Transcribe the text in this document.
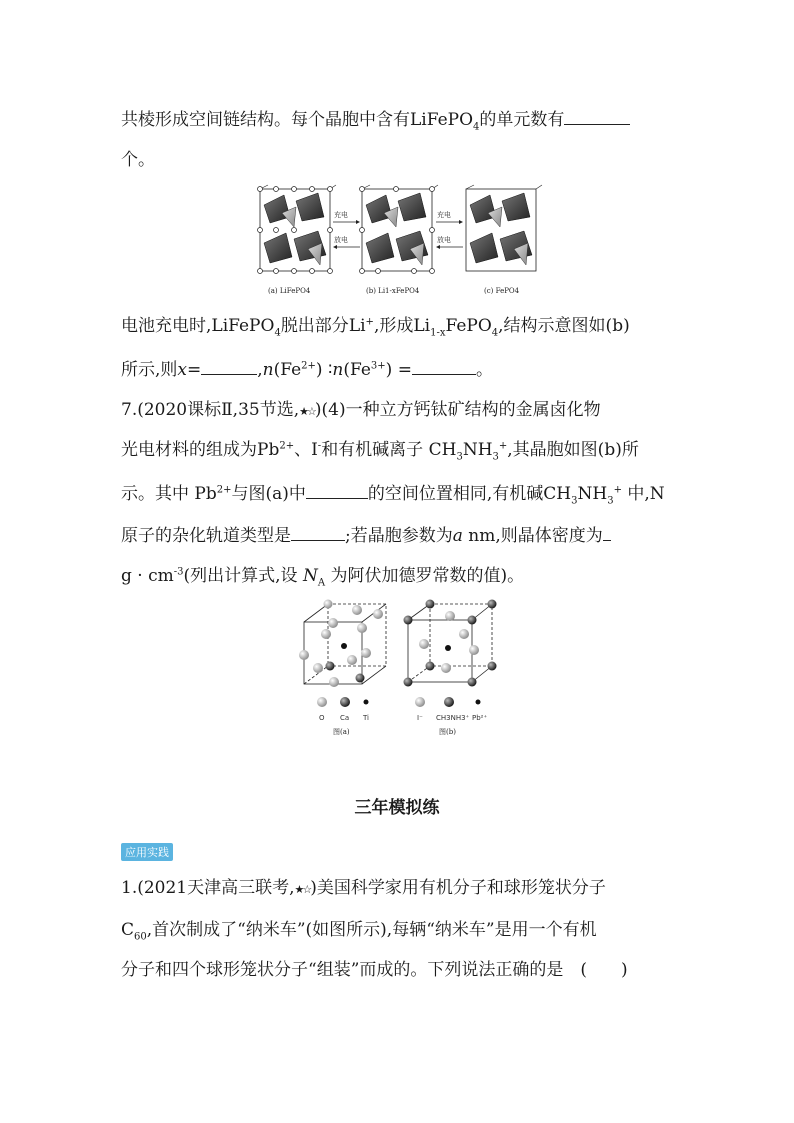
共棱形成空间链结构。每个晶胞中含有LiFePO$_4$的单元数有
个。
充电
放电
充电
放电
(a) LiFePO4	(b) Li1-xFePO4	(c) FePO4
电池充电时,LiFePO$_4$脱出部分Li+,形成$Li_{1-x}FePO_4$,结构示意图如(b)
所示,则x=	$,n(Fe^{2+})$ $∶n(Fe^{3+})$ =	。
7.(2020课标Ⅱ,35节选,★☆)(4)一种立方钙钛矿结构的金属卤化物
光电材料的组成为$Pb^{2+}$、I-和有机碱离子 $CH_3NH_3^+$,其晶胞如图(b)所
示。其中 $Pb^{2+}$与图(a)中	的空间位置相同,有机碱$CH_3NH_3^+$ 中,N
原子的杂化轨道类型是	;若晶胞参数为a nm,则晶体密度为
$g \cdot cm^{-3}$(列出计算式,设 $N_A$ 为阿伏加德罗常数的值)。
O Ca Ti
图(a)
I⁻ CH3NH3⁺ Pb²⁺
图(b)
三年模拟练
应用实践
1.(2021天津高三联考,★☆)美国科学家用有机分子和球形笼状分子
$C_{60}$,首次制成了“纳米车”(如图所示),每辆“纳米车”是用一个有机
分子和四个球形笼状分子“组装”而成的。下列说法正确的是　(　　)
